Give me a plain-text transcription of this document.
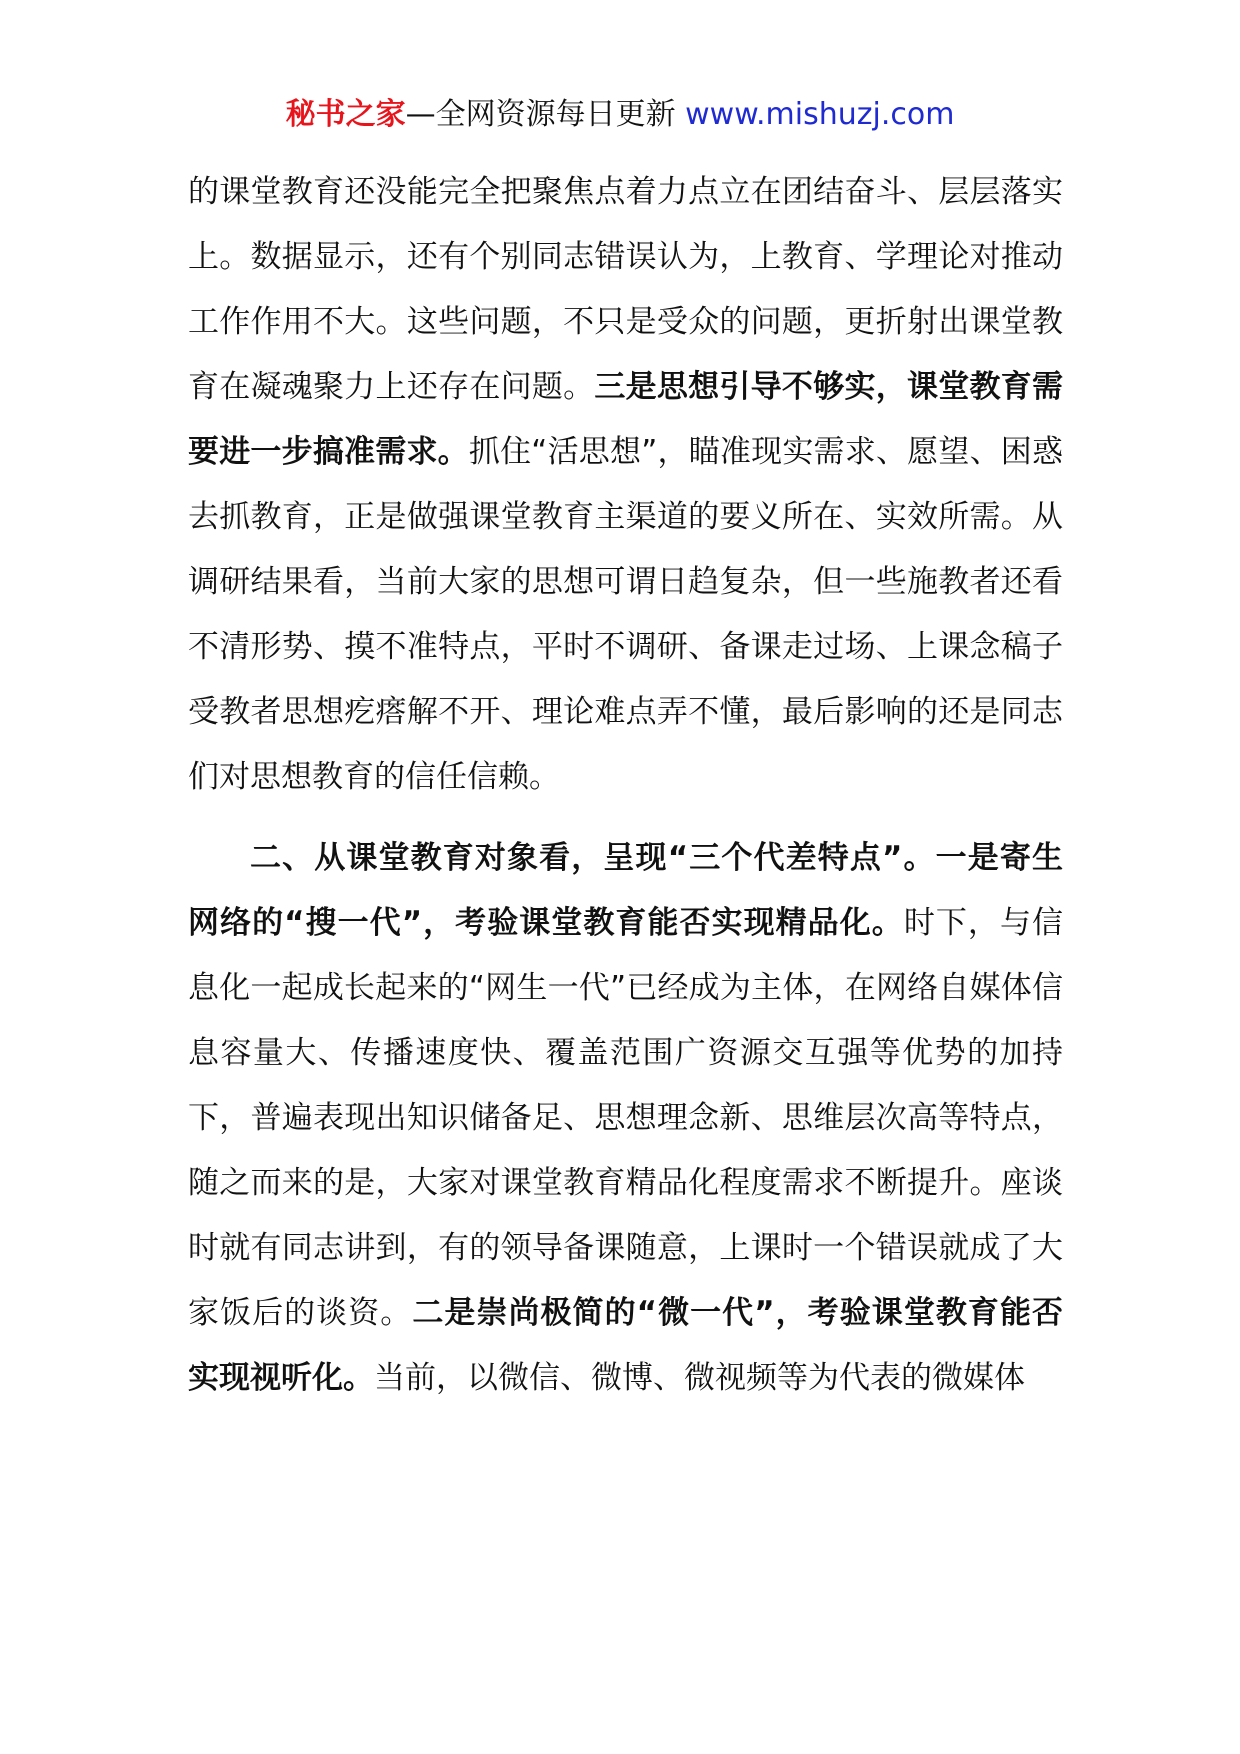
秘书之家—全网资源每日更新 www.mishuzj.com

的课堂教育还没能完全把聚焦点着力点立在团结奋斗、层层落实上。数据显示，还有个别同志错误认为，上教育、学理论对推动工作作用不大。这些问题，不只是受众的问题，更折射出课堂教育在凝魂聚力上还存在问题。三是思想引导不够实，课堂教育需要进一步搞准需求。抓住“活思想”，瞄准现实需求、愿望、困惑去抓教育，正是做强课堂教育主渠道的要义所在、实效所需。从调研结果看，当前大家的思想可谓日趋复杂，但一些施教者还看不清形势、摸不准特点，平时不调研、备课走过场、上课念稿子受教者思想疙瘩解不开、理论难点弄不懂，最后影响的还是同志们对思想教育的信任信赖。

二、从课堂教育对象看，呈现“三个代差特点”。一是寄生网络的“搜一代”，考验课堂教育能否实现精品化。时下，与信息化一起成长起来的“网生一代”已经成为主体，在网络自媒体信息容量大、传播速度快、覆盖范围广资源交互强等优势的加持下，普遍表现出知识储备足、思想理念新、思维层次高等特点，随之而来的是，大家对课堂教育精品化程度需求不断提升。座谈时就有同志讲到，有的领导备课随意，上课时一个错误就成了大家饭后的谈资。二是崇尚极简的“微一代”，考验课堂教育能否实现视听化。当前，以微信、微博、微视频等为代表的微媒体
